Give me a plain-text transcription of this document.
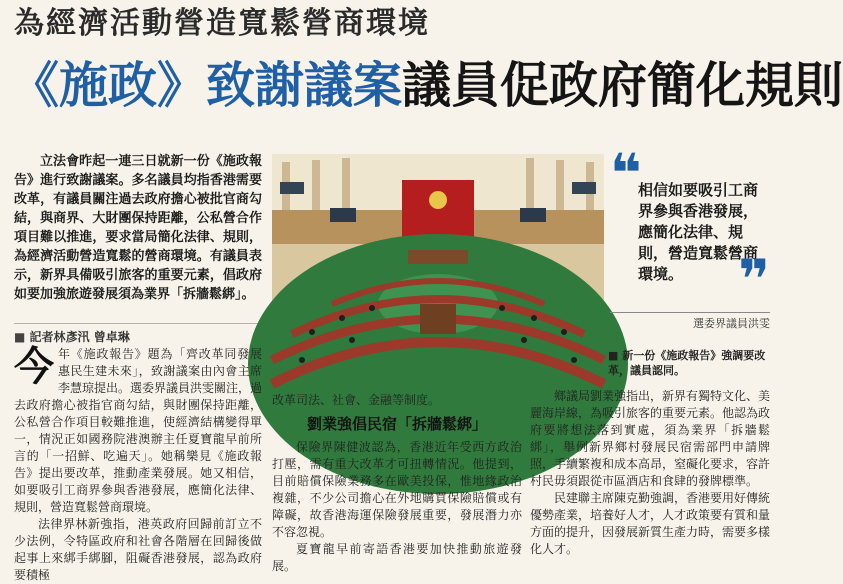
為經濟活動營造寬鬆營商環境
《施政》致謝議案議員促政府簡化規則
立法會昨起一連三日就新一份《施政報告》進行致謝議案。多名議員均指香港需要改革，有議員關注過去政府擔心被批官商勾結，與商界、大財團保持距離，公私營合作項目難以推進，要求當局簡化法律、規則，為經濟活動營造寬鬆的營商環境。有議員表示，新界具備吸引旅客的重要元素，倡政府如要加強旅遊發展須為業界「拆牆鬆綁」。
■ 記者林彥汛 曾卓琳
❝
相信如要吸引工商界參與香港發展，應簡化法律、規則，營造寬鬆營商環境。	❞
選委界議員洪雯
■ 新一份《施政報告》強調要改革，議員認同。

今年《施政報告》題為「齊改革同發展 惠民生建未來」，致謝議案由內會主席李慧琼提出。選委界議員洪雯關注，過去政府擔心被指官商勾結，與財團保持距離，公私營合作項目較難推進，使經濟結構變得單一，情況正如國務院港澳辦主任夏寶龍早前所言的「一招鮮、吃遍天」。她稱樂見《施政報告》提出要改革，推動產業發展。她又相信，如要吸引工商界參與香港發展，應簡化法律、規則，營造寬鬆營商環境。

法律界林新強指，港英政府回歸前訂立不少法例，令特區政府和社會各階層在回歸後做起事上來綁手綁腳，阻礙香港發展，認為政府要積極

改革司法、社會、金融等制度。

劉業強倡民宿「拆牆鬆綁」

保險界陳健波認為，香港近年受西方政治打壓，需有重大改革才可扭轉情況。他提到，目前賠償保險業務多在歐美投保，惟地緣政治複雜，不少公司擔心在外地購買保險賠償或有障礙，故香港海運保險發展重要，發展潛力亦不容忽視。

夏寶龍早前寄語香港要加快推動旅遊發展。

鄉議局劉業強指出，新界有獨特文化、美麗海岸線，為吸引旅客的重要元素。他認為政府要將想法落到實處，須為業界「拆牆鬆綁」，舉例新界鄉村發展民宿需部門申請牌照，手續繁複和成本高昂，窒礙化要求，容許村民毋須跟從市區酒店和食肆的發牌標準。

民建聯主席陳克勤強調，香港要用好傳統優勢產業，培養好人才，人才政策要有質和量方面的提升，因發展新質生產力時，需要多樣化人才。
